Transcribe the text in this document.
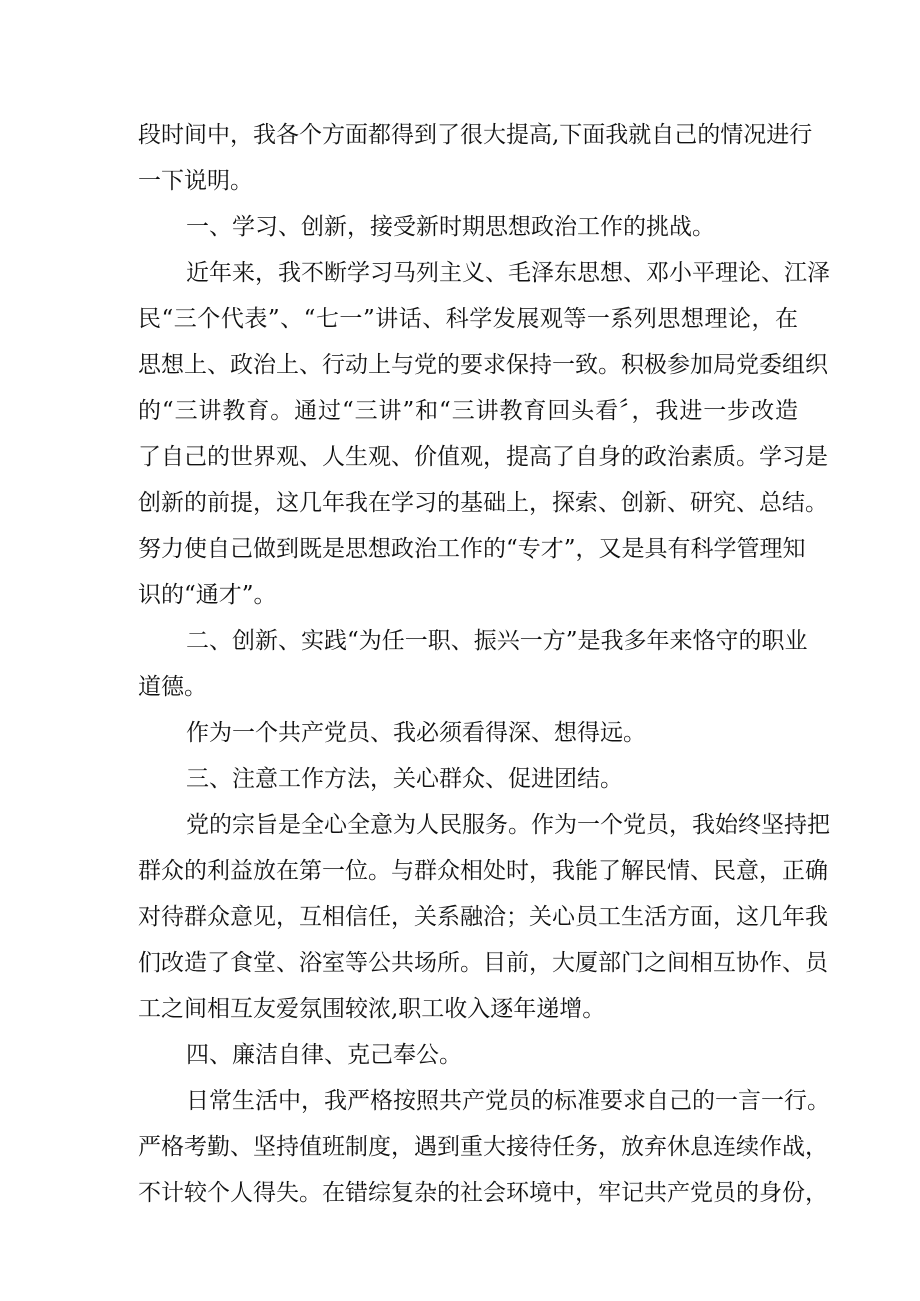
段时间中，我各个方面都得到了很大提高,下面我就自己的情况进行

一下说明。

一、学习、创新，接受新时期思想政治工作的挑战。

近年来，我不断学习马列主义、毛泽东思想、邓小平理论、江泽

民“三个代表”、“七一”讲话、科学发展观等一系列思想理论，在

思想上、政治上、行动上与党的要求保持一致。积极参加局党委组织

的“三讲教育。通过“三讲”和“三讲教育回头看〞，我进一步改造

了自己的世界观、人生观、价值观，提高了自身的政治素质。学习是

创新的前提，这几年我在学习的基础上，探索、创新、研究、总结。

努力使自己做到既是思想政治工作的“专才”，又是具有科学管理知

识的“通才”。

二、创新、实践“为任一职、振兴一方”是我多年来恪守的职业

道德。

作为一个共产党员、我必须看得深、想得远。

三、注意工作方法，关心群众、促进团结。

党的宗旨是全心全意为人民服务。作为一个党员，我始终坚持把

群众的利益放在第一位。与群众相处时，我能了解民情、民意，正确

对待群众意见，互相信任，关系融洽；关心员工生活方面，这几年我

们改造了食堂、浴室等公共场所。目前，大厦部门之间相互协作、员

工之间相互友爱氛围较浓,职工收入逐年递增。

四、廉洁自律、克己奉公。

日常生活中，我严格按照共产党员的标准要求自己的一言一行。

严格考勤、坚持值班制度，遇到重大接待任务，放弃休息连续作战，

不计较个人得失。在错综复杂的社会环境中，牢记共产党员的身份，
